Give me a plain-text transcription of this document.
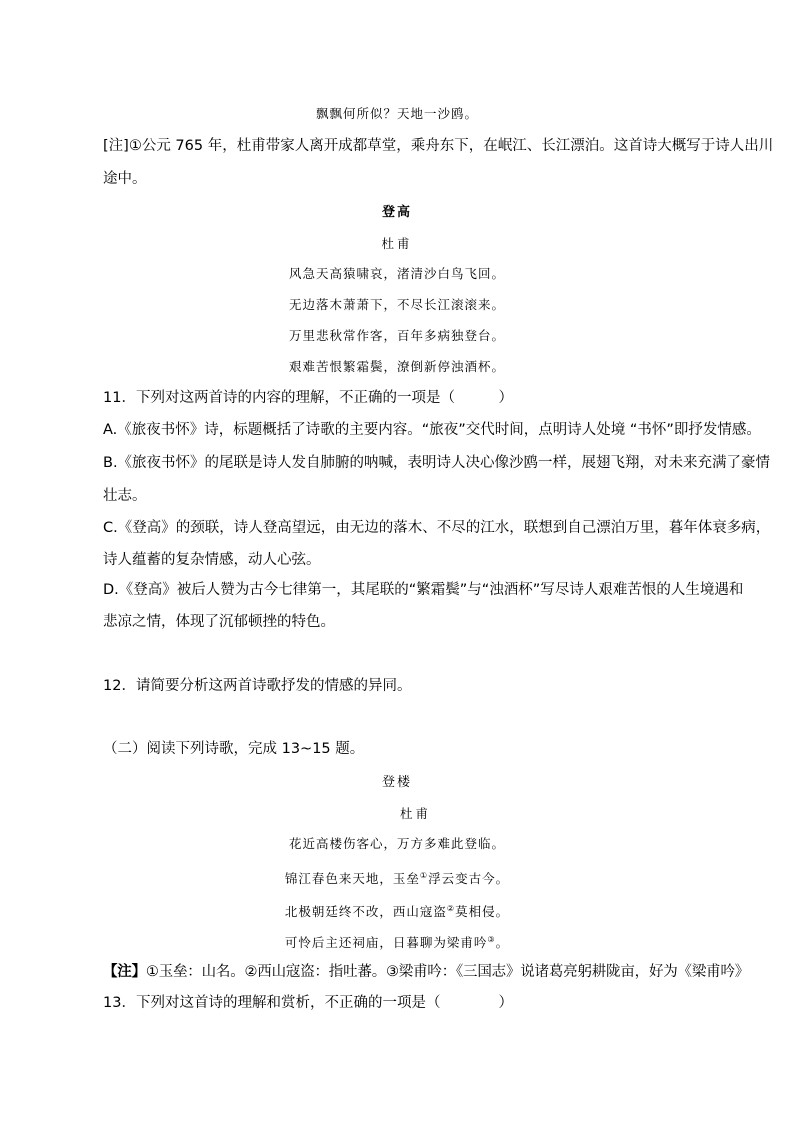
飘飘何所似？天地一沙鸥。
[注]①公元 765 年，杜甫带家人离开成都草堂，乘舟东下，在岷江、长江漂泊。这首诗大概写于诗人出川
途中。
登高
杜甫
风急天高猿啸哀，渚清沙白鸟飞回。
无边落木萧萧下，不尽长江滚滚来。
万里悲秋常作客，百年多病独登台。
艰难苦恨繁霜鬓，潦倒新停浊酒杯。
11．下列对这两首诗的内容的理解，不正确的一项是（　　　）
A.《旅夜书怀》诗，标题概括了诗歌的主要内容。“旅夜”交代时间，点明诗人处境 “书怀”即抒发情感。
B.《旅夜书怀》的尾联是诗人发自肺腑的呐喊，表明诗人决心像沙鸥一样，展翅飞翔，对未来充满了豪情
壮志。
C.《登高》的颈联，诗人登高望远，由无边的落木、不尽的江水，联想到自己漂泊万里，暮年体衰多病，
诗人蕴蓄的复杂情感，动人心弦。
D.《登高》被后人赞为古今七律第一，其尾联的“繁霜鬓”与“浊酒杯”写尽诗人艰难苦恨的人生境遇和
悲凉之情，体现了沉郁顿挫的特色。
12．请简要分析这两首诗歌抒发的情感的异同。
（二）阅读下列诗歌，完成 13~15 题。
登楼
杜甫
花近高楼伤客心，万方多难此登临。
锦江春色来天地，玉垒①浮云变古今。
北极朝廷终不改，西山寇盗②莫相侵。
可怜后主还祠庙，日暮聊为梁甫吟③。
【注】①玉垒：山名。②西山寇盗：指吐蕃。③梁甫吟：《三国志》说诸葛亮躬耕陇亩，好为《梁甫吟》
13．下列对这首诗的理解和赏析，不正确的一项是（　　　　）
